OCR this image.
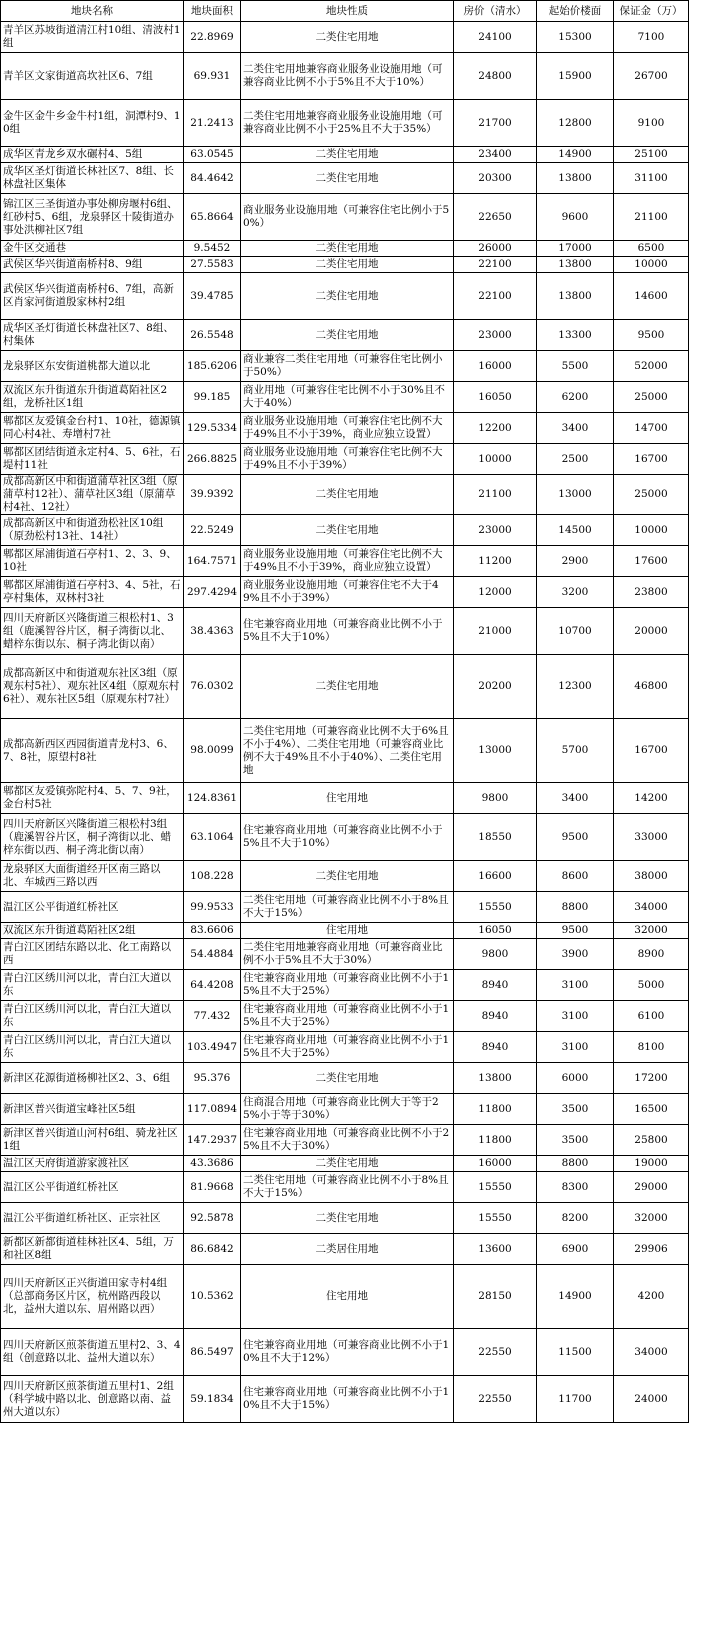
地块名称	地块面积	地块性质	房价（清水）	起始价楼面	保证金（万）
青羊区苏坡街道清江村10组、清波村1组	22.8969	二类住宅用地	24100	15300	7100
青羊区文家街道高坎社区6、7组	69.931	二类住宅用地兼容商业服务业设施用地（可兼容商业比例不小于5%且不大于10%）	24800	15900	26700
金牛区金牛乡金牛村1组，洞潭村9、10组	21.2413	二类住宅用地兼容商业服务业设施用地（可兼容商业比例不小于25%且不大于35%）	21700	12800	9100
成华区青龙乡双水碾村4、5组	63.0545	二类住宅用地	23400	14900	25100
成华区圣灯街道长林社区7、8组、长林盘社区集体	84.4642	二类住宅用地	20300	13800	31100
锦江区三圣街道办事处柳房堰村6组、红砂村5、6组，龙泉驿区十陵街道办事处洪柳社区7组	65.8664	商业服务业设施用地（可兼容住宅比例小于50%）	22650	9600	21100
金牛区交通巷	9.5452	二类住宅用地	26000	17000	6500
武侯区华兴街道南桥村8、9组	27.5583	二类住宅用地	22100	13800	10000
武侯区华兴街道南桥村6、7组，高新区肖家河街道殷家林村2组	39.4785	二类住宅用地	22100	13800	14600
成华区圣灯街道长林盘社区7、8组、村集体	26.5548	二类住宅用地	23000	13300	9500
龙泉驿区东安街道桃都大道以北	185.6206	商业兼容二类住宅用地（可兼容住宅比例小于50%）	16000	5500	52000
双流区东升街道东升街道葛陌社区2组，龙桥社区1组	99.185	商业用地（可兼容住宅比例不小于30%且不大于40%）	16050	6200	25000
郫都区友爱镇金台村1、10社，德源镇同心村4社、寿增村7社	129.5334	商业服务业设施用地（可兼容住宅比例不大于49%且不小于39%，商业应独立设置）	12200	3400	14700
郫都区团结街道永定村4、5、6社，石堤村11社	266.8825	商业服务业设施用地（可兼容住宅比例不大于49%且不小于39%）	10000	2500	16700
成都高新区中和街道蒲草社区3组（原蒲草村12社）、蒲草社区3组（原蒲草村4社、12社）	39.9392	二类住宅用地	21100	13000	25000
成都高新区中和街道劲松社区10组（原劲松村13社、14社）	22.5249	二类住宅用地	23000	14500	10000
郫都区犀浦街道石亭村1、2、3、9、10社	164.7571	商业服务业设施用地（可兼容住宅比例不大于49%且不小于39%，商业应独立设置）	11200	2900	17600
郫都区犀浦街道石亭村3、4、5社，石亭村集体，双林村3社	297.4294	商业服务业设施用地（可兼容住宅不大于49%且不小于39%）	12000	3200	23800
四川天府新区兴隆街道三根松村1、3组（鹿溪智谷片区，桐子湾街以北、蜡梓东街以东、桐子湾北街以南）	38.4363	住宅兼容商业用地（可兼容商业比例不小于5%且不大于10%）	21000	10700	20000
成都高新区中和街道观东社区3组（原观东村5社）、观东社区4组（原观东村6社）、观东社区5组（原观东村7社）	76.0302	二类住宅用地	20200	12300	46800
成都高新西区西园街道青龙村3、6、7、8社，原望村8社	98.0099	二类住宅用地（可兼容商业比例不大于6%且不小于4%）、二类住宅用地（可兼容商业比例不大于49%且不小于40%）、二类住宅用地	13000	5700	16700
郫都区友爱镇弥陀村4、5、7、9社，金台村5社	124.8361	住宅用地	9800	3400	14200
四川天府新区兴隆街道三根松村3组（鹿溪智谷片区，桐子湾街以北、蜡梓东街以西、桐子湾北街以南）	63.1064	住宅兼容商业用地（可兼容商业比例不小于5%且不大于10%）	18550	9500	33000
龙泉驿区大面街道经开区南三路以北、车城西三路以西	108.228	二类住宅用地	16600	8600	38000
温江区公平街道红桥社区	99.9533	二类住宅用地（可兼容商业比例不小于8%且不大于15%）	15550	8800	34000
双流区东升街道葛陌社区2组	83.6606	住宅用地	16050	9500	32000
青白江区团结东路以北、化工南路以西	54.4884	二类住宅用地兼容商业用地（可兼容商业比例不小于5%且不大于30%）	9800	3900	8900
青白江区绣川河以北，青白江大道以东	64.4208	住宅兼容商业用地（可兼容商业比例不小于15%且不大于25%）	8940	3100	5000
青白江区绣川河以北，青白江大道以东	77.432	住宅兼容商业用地（可兼容商业比例不小于15%且不大于25%）	8940	3100	6100
青白江区绣川河以北，青白江大道以东	103.4947	住宅兼容商业用地（可兼容商业比例不小于15%且不大于25%）	8940	3100	8100
新津区花源街道杨柳社区2、3、6组	95.376	二类住宅用地	13800	6000	17200
新津区普兴街道宝峰社区5组	117.0894	住商混合用地（可兼容商业比例大于等于25%小于等于30%）	11800	3500	16500
新津区普兴街道山河村6组、骑龙社区1组	147.2937	住宅兼容商业用地（可兼容商业比例不小于25%且不大于30%）	11800	3500	25800
温江区天府街道游家渡社区	43.3686	二类住宅用地	16000	8800	19000
温江区公平街道红桥社区	81.9668	二类住宅用地（可兼容商业比例不小于8%且不大于15%）	15550	8300	29000
温江公平街道红桥社区、正宗社区	92.5878	二类住宅用地	15550	8200	32000
新都区新都街道桂林社区4、5组，万和社区8组	86.6842	二类居住用地	13600	6900	29906
四川天府新区正兴街道田家寺村4组（总部商务区片区，杭州路西段以北，益州大道以东、眉州路以西）	10.5362	住宅用地	28150	14900	4200
四川天府新区煎茶街道五里村2、3、4组（创意路以北、益州大道以东）	86.5497	住宅兼容商业用地（可兼容商业比例不小于10%且不大于12%）	22550	11500	34000
四川天府新区煎茶街道五里村1、2组（科学城中路以北、创意路以南、益州大道以东）	59.1834	住宅兼容商业用地（可兼容商业比例不小于10%且不大于15%）	22550	11700	24000
